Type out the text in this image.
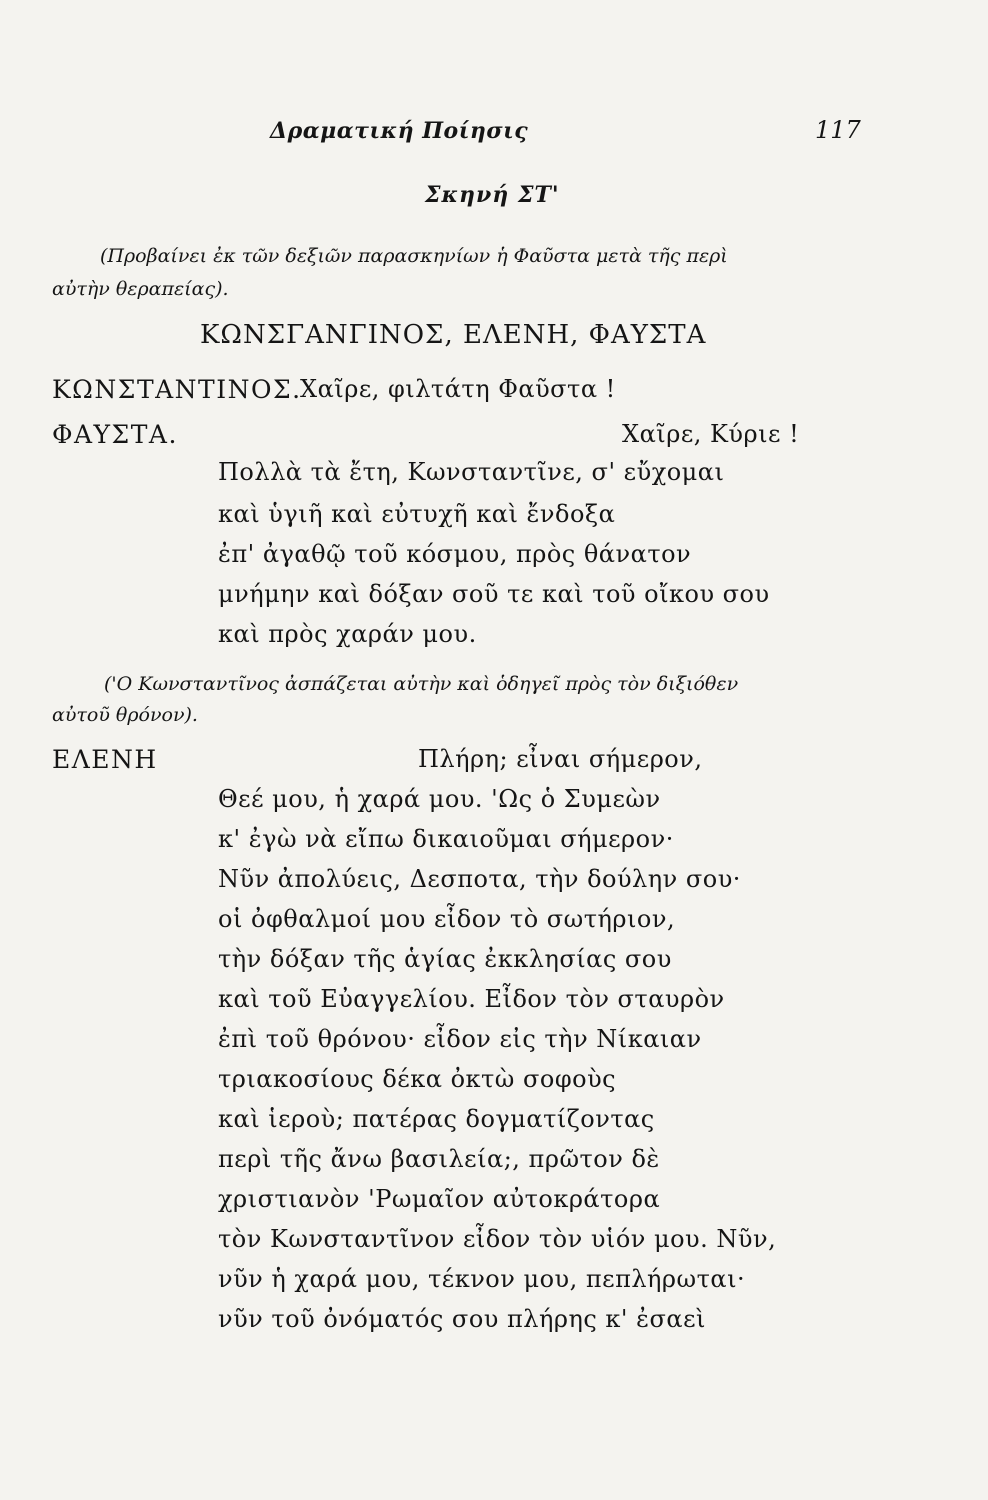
Δραματική Ποίησις	117
Σκηνή ΣΤ'
(Προβαίνει ἐκ τῶν δεξιῶν παρασκηνίων ἡ Φαῦστα μετὰ τῆς περὶ
αὐτὴν θεραπείας).
ΚΩΝΣΓΑΝΓΙΝΟΣ, ΕΛΕΝΗ, ΦΑΥΣΤΑ
ΚΩΝΣΤΑΝΤΙΝΟΣ.
Χαῖρε, φιλτάτη Φαῦστα !
ΦΑΥΣΤΑ.	Χαῖρε, Κύριε !
Πολλὰ τὰ ἔτη, Κωνσταντῖνε, σ' εὔχομαι
καὶ ὑγιῆ καὶ εὐτυχῆ καὶ ἔνδοξα
ἐπ' ἀγαθῷ τοῦ κόσμου, πρὸς θάνατον
μνήμην καὶ δόξαν σοῦ τε καὶ τοῦ οἴκου σου
καὶ πρὸς χαράν μου.
('Ο Κωνσταντῖνος ἀσπάζεται αὐτὴν καὶ ὁδηγεῖ πρὸς τὸν διξιόθεν
αὐτοῦ θρόνον).
ΕΛΕΝΗ	Πλήρη; εἶναι σήμερον,
Θεέ μου, ἡ χαρά μου. 'Ως ὁ Συμεὼν
κ' ἐγὼ νὰ εἴπω δικαιοῦμαι σήμερον·
Νῦν ἀπολύεις, Δεσποτα, τὴν δούλην σου·
οἱ ὀφθαλμοί μου εἶδον τὸ σωτήριον,
τὴν δόξαν τῆς ἁγίας ἐκκλησίας σου
καὶ τοῦ Εὐαγγελίου. Εἶδον τὸν σταυρὸν
ἐπὶ τοῦ θρόνου· εἶδον εἰς τὴν Νίκαιαν
τριακοσίους δέκα ὀκτὼ σοφοὺς
καὶ ἱεροὺ; πατέρας δογματίζοντας
περὶ τῆς ἄνω βασιλεία;, πρῶτον δὲ
χριστιανὸν 'Ρωμαῖον αὐτοκράτορα
τὸν Κωνσταντῖνον εἶδον τὸν υἱόν μου. Νῦν,
νῦν ἡ χαρά μου, τέκνον μου, πεπλήρωται·
νῦν τοῦ ὀνόματός σου πλήρης κ' ἐσαεὶ
